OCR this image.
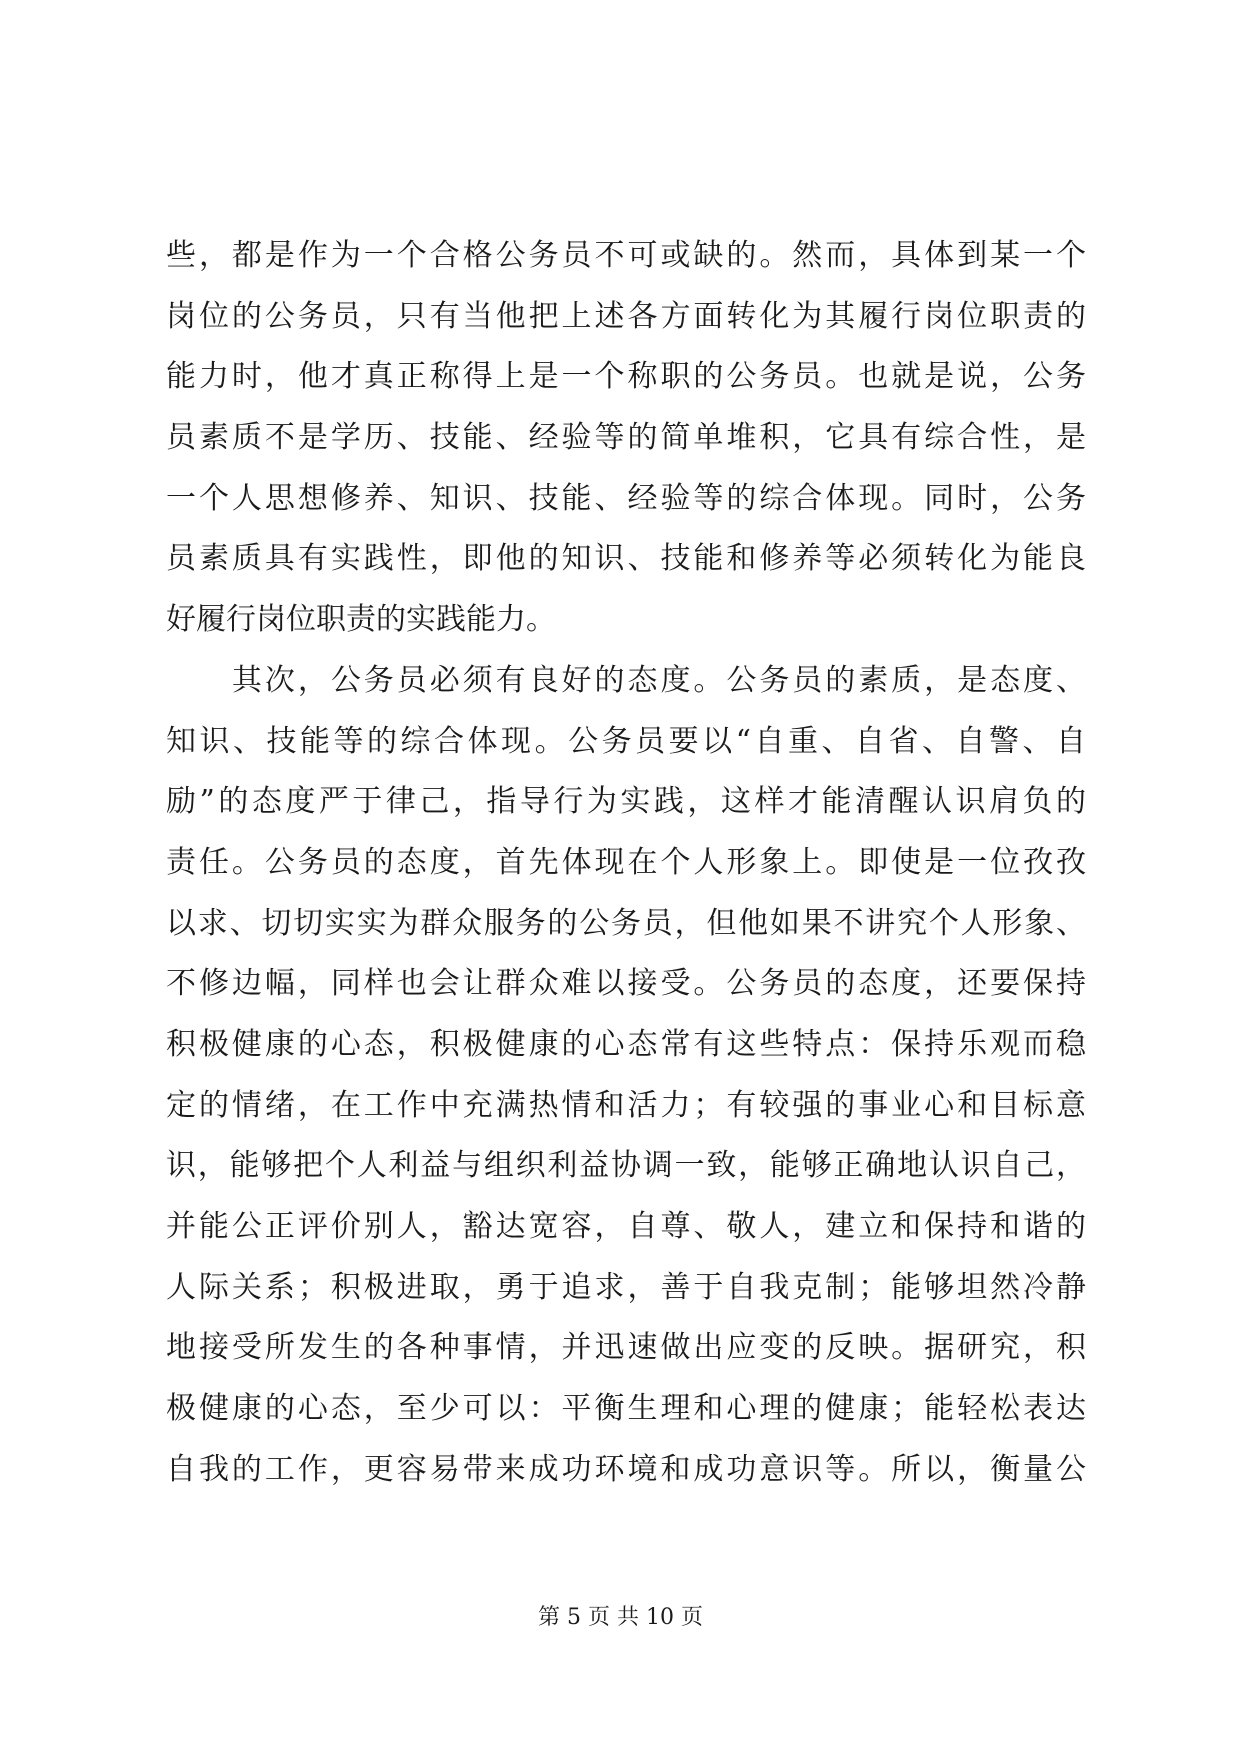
些，都是作为一个合格公务员不可或缺的。然而，具体到某一个
岗位的公务员，只有当他把上述各方面转化为其履行岗位职责的
能力时，他才真正称得上是一个称职的公务员。也就是说，公务
员素质不是学历、技能、经验等的简单堆积，它具有综合性，是
一个人思想修养、知识、技能、经验等的综合体现。同时，公务
员素质具有实践性，即他的知识、技能和修养等必须转化为能良
好履行岗位职责的实践能力。
　　其次，公务员必须有良好的态度。公务员的素质，是态度、
知识、技能等的综合体现。公务员要以“自重、自省、自警、自
励”的态度严于律己，指导行为实践，这样才能清醒认识肩负的
责任。公务员的态度，首先体现在个人形象上。即使是一位孜孜
以求、切切实实为群众服务的公务员，但他如果不讲究个人形象、
不修边幅，同样也会让群众难以接受。公务员的态度，还要保持
积极健康的心态，积极健康的心态常有这些特点：保持乐观而稳
定的情绪，在工作中充满热情和活力；有较强的事业心和目标意
识，能够把个人利益与组织利益协调一致，能够正确地认识自己，
并能公正评价别人，豁达宽容，自尊、敬人，建立和保持和谐的
人际关系；积极进取，勇于追求，善于自我克制；能够坦然冷静
地接受所发生的各种事情，并迅速做出应变的反映。据研究，积
极健康的心态，至少可以：平衡生理和心理的健康；能轻松表达
自我的工作，更容易带来成功环境和成功意识等。所以，衡量公
第 5 页 共 10 页
